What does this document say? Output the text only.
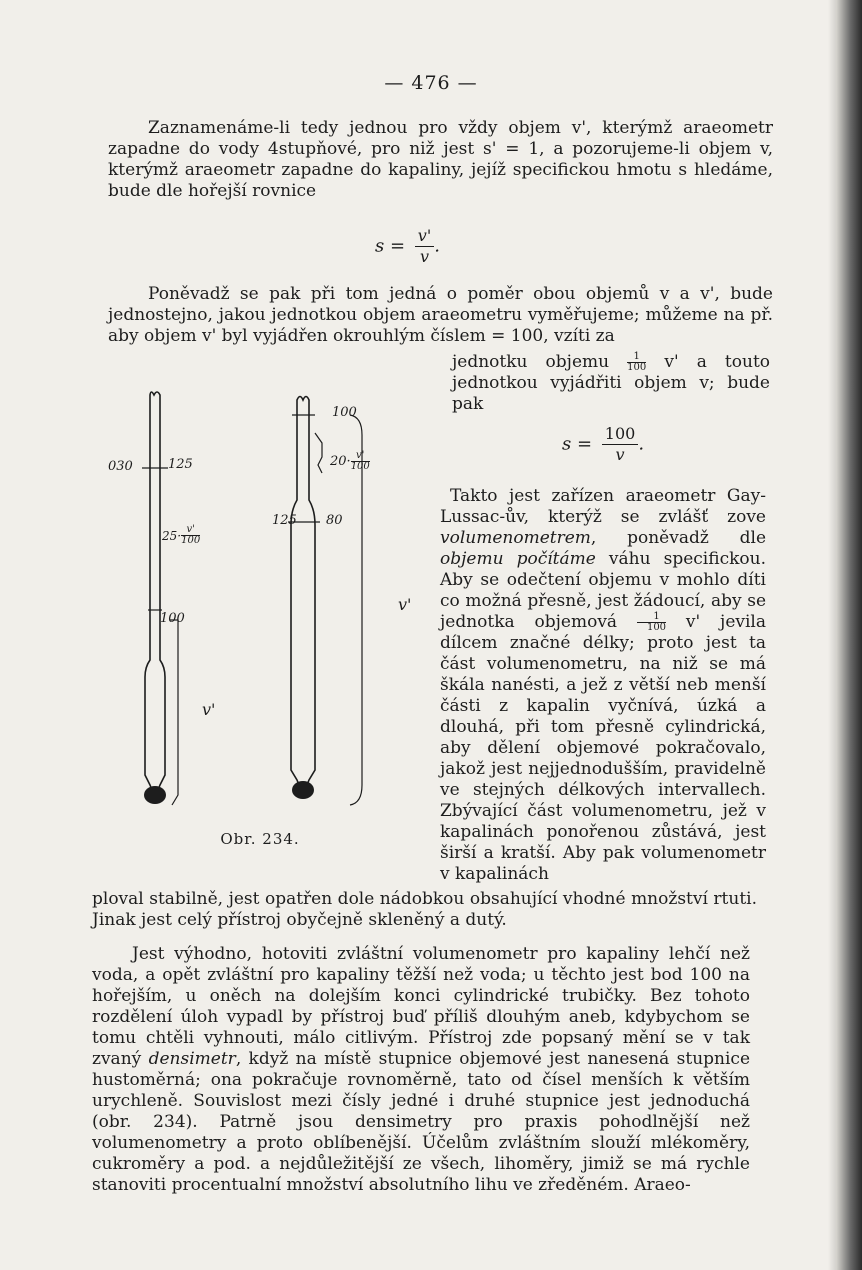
— 476 —

Zaznamenáme-li tedy jednou pro vždy objem v', kterýmž araeometr zapadne do vody 4stupňové, pro niž jest s' = 1, a pozorujeme-li objem v, kterýmž araeometr zapadne do kapaliny, jejíž specifickou hmotu s hledáme, bude dle hořejší rovnice

$s = \frac{v'}{v}$ .

Poněvadž se pak při tom jedná o poměr obou objemů v a v', bude jednostejno, jakou jednotkou objem araeometru vyměřujeme; můžeme na př. aby objem v' byl vyjádřen okrouhlým číslem = 100, vzíti za

jednotku objemu $\frac{1}{100} v'$ a touto jednotkou vyjádřiti objem v; bude pak

$s = \frac{100}{v}$ .

Takto jest zařízen araeometr Gay-Lussac-ův, kterýž se zvlášť zove volumenometrem, poněvadž dle objemu počítáme váhu specifickou. Aby se odečtení objemu v mohlo díti co možná přesně, jest žádoucí, aby se jednotka objemová $\frac{1}{100} v'$ jevila dílcem značné délky; proto jest ta část volumenometru, na niž se má škála nanésti, a jež z větší neb menší části z kapalin vyčnívá, úzká a dlouhá, při tom přesně cylindrická, aby dělení objemové pokračovalo, jakož jest nejjednodušším, pravidelně ve stejných délkových intervallech. Zbývající část volumenometru, jež v kapalinách ponořenou zůstává, jest širší a kratší. Aby pak volumenometr v kapalinách

ploval stabilně, jest opatřen dole nádobkou obsahující vhodné množství rtuti. Jinak jest celý přístroj obyčejně skleněný a dutý.

Jest výhodno, hotoviti zvláštní volumenometr pro kapaliny lehčí než voda, a opět zvláštní pro kapaliny těžší než voda; u těchto jest bod 100 na hořejším, u oněch na dolejším konci cylindrické trubičky. Bez tohoto rozdělení úloh vypadl by přístroj buď příliš dlouhým aneb, kdybychom se tomu chtěli vyhnouti, málo citlivým. Přístroj zde popsaný mění se v tak zvaný densimetr, když na místě stupnice objemové jest nanesená stupnice hustoměrná; ona pokračuje rovnoměrně, tato od čísel menších k větším urychleně. Souvislost mezi čísly jedné i druhé stupnice jest jednoduchá (obr. 234). Patrně jsou densimetry pro praxis pohodlnější než volumenometry a proto oblíbenější. Účelům zvláštním slouží mlékoměry, cukroměry a pod. a nejdůležitější ze všech, lihoměry, jimiž se má rychle stanoviti procentualní množství absolutního lihu ve zředěném. Araeo-

030	125
$25\cdot \frac{v'}{100}$
100
v'
100
$20\cdot \frac{v'}{100}$
125 80
v'
Obr. 234.
